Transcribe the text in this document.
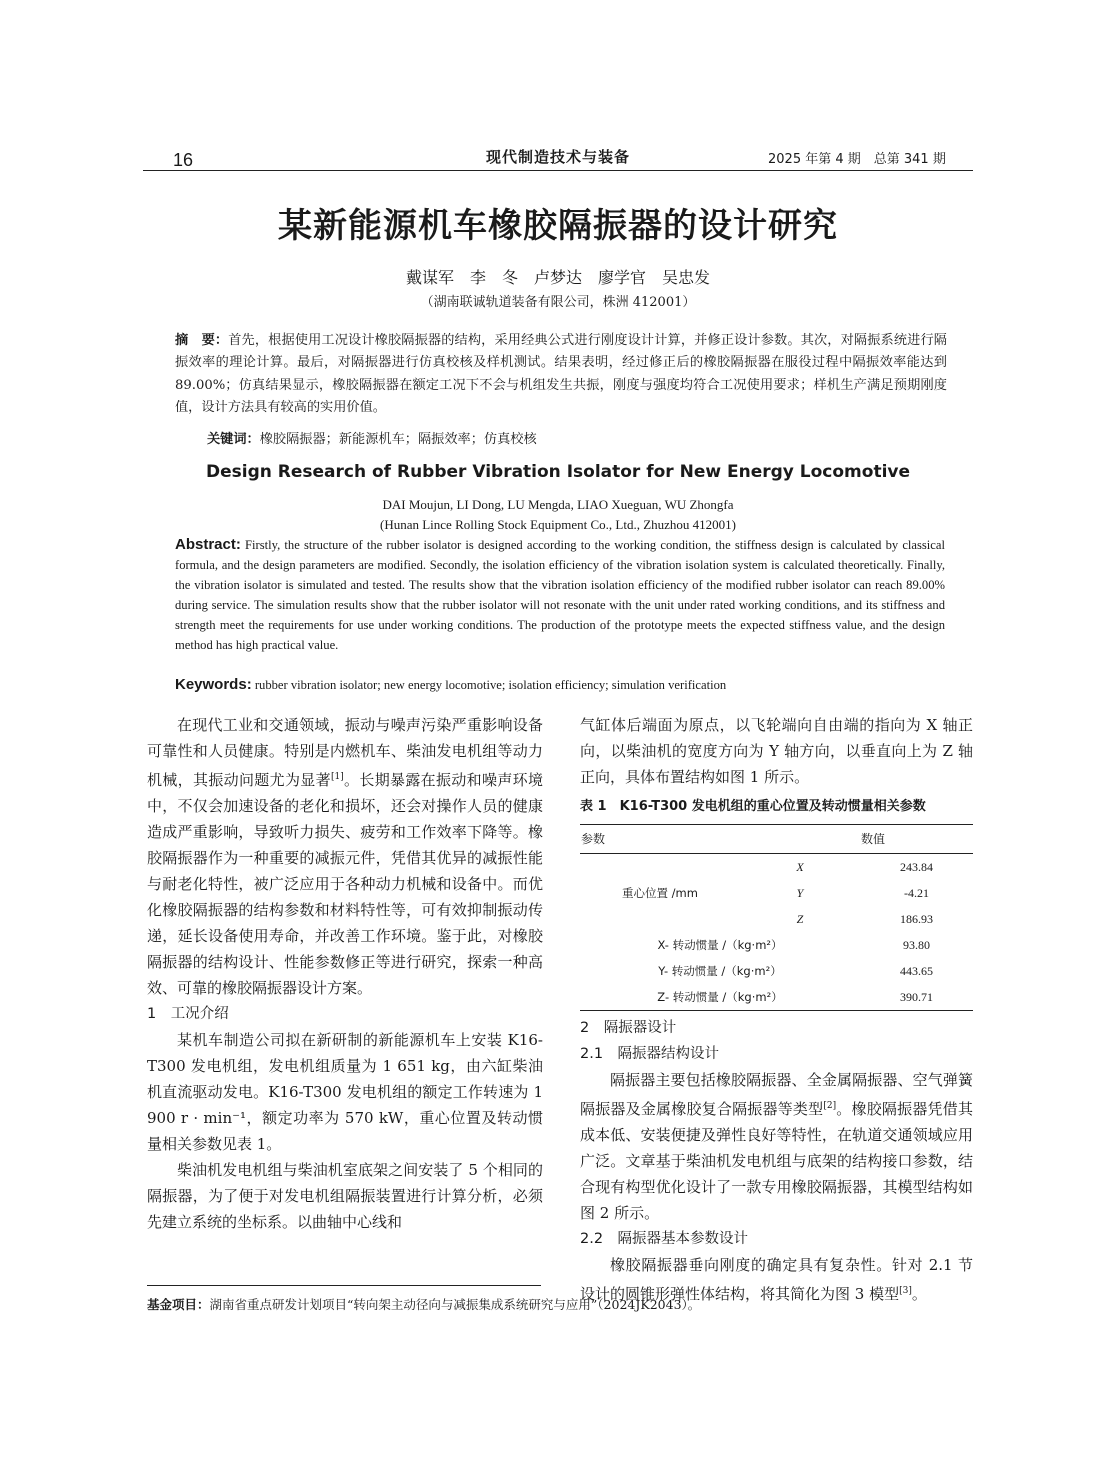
16	现代制造技术与装备	2025 年第 4 期　总第 341 期
某新能源机车橡胶隔振器的设计研究
戴谋军　李　冬　卢梦达　廖学官　吴忠发
（湖南联诚轨道装备有限公司，株洲 412001）
摘　要：首先，根据使用工况设计橡胶隔振器的结构，采用经典公式进行刚度设计计算，并修正设计参数。其次，对隔振系统进行隔振效率的理论计算。最后，对隔振器进行仿真校核及样机测试。结果表明，经过修正后的橡胶隔振器在服役过程中隔振效率能达到 89.00%；仿真结果显示，橡胶隔振器在额定工况下不会与机组发生共振，刚度与强度均符合工况使用要求；样机生产满足预期刚度值，设计方法具有较高的实用价值。
关键词：橡胶隔振器；新能源机车；隔振效率；仿真校核
Design Research of Rubber Vibration Isolator for New Energy Locomotive
DAI Moujun, LI Dong, LU Mengda, LIAO Xueguan, WU Zhongfa
(Hunan Lince Rolling Stock Equipment Co., Ltd., Zhuzhou 412001)
Abstract: Firstly, the structure of the rubber isolator is designed according to the working condition, the stiffness design is calculated by classical formula, and the design parameters are modified. Secondly, the isolation efficiency of the vibration isolation system is calculated theoretically. Finally, the vibration isolator is simulated and tested. The results show that the vibration isolation efficiency of the modified rubber isolator can reach 89.00% during service. The simulation results show that the rubber isolator will not resonate with the unit under rated working conditions, and its stiffness and strength meet the requirements for use under working conditions. The production of the prototype meets the expected stiffness value, and the design method has high practical value.
Keywords: rubber vibration isolator; new energy locomotive; isolation efficiency; simulation verification

在现代工业和交通领域，振动与噪声污染严重影响设备可靠性和人员健康。特别是内燃机车、柴油发电机组等动力机械，其振动问题尤为显著[1]。长期暴露在振动和噪声环境中，不仅会加速设备的老化和损坏，还会对操作人员的健康造成严重影响，导致听力损失、疲劳和工作效率下降等。橡胶隔振器作为一种重要的减振元件，凭借其优异的减振性能与耐老化特性，被广泛应用于各种动力机械和设备中。而优化橡胶隔振器的结构参数和材料特性等，可有效抑制振动传递，延长设备使用寿命，并改善工作环境。鉴于此，对橡胶隔振器的结构设计、性能参数修正等进行研究，探索一种高效、可靠的橡胶隔振器设计方案。

1　工况介绍

某机车制造公司拟在新研制的新能源机车上安装 K16-T300 发电机组，发电机组质量为 1 651 kg，由六缸柴油机直流驱动发电。K16-T300 发电机组的额定工作转速为 1 900 r · min⁻¹，额定功率为 570 kW，重心位置及转动惯量相关参数见表 1。

柴油机发电机组与柴油机室底架之间安装了 5 个相同的隔振器，为了便于对发电机组隔振装置进行计算分析，必须先建立系统的坐标系。以曲轴中心线和

气缸体后端面为原点，以飞轮端向自由端的指向为 X 轴正向，以柴油机的宽度方向为 Y 轴方向，以垂直向上为 Z 轴正向，具体布置结构如图 1 所示。

表 1　K16-T300 发电机组的重心位置及转动惯量相关参数
参数		数值
重心位置 /mm	X	243.84
	Y	-4.21
	Z	186.93
X- 转动惯量 /（kg·m²）		93.80
Y- 转动惯量 /（kg·m²）		443.65
Z- 转动惯量 /（kg·m²）		390.71
2　隔振器设计
2.1　隔振器结构设计

隔振器主要包括橡胶隔振器、全金属隔振器、空气弹簧隔振器及金属橡胶复合隔振器等类型[2]。橡胶隔振器凭借其成本低、安装便捷及弹性良好等特性，在轨道交通领域应用广泛。文章基于柴油机发电机组与底架的结构接口参数，结合现有构型优化设计了一款专用橡胶隔振器，其模型结构如图 2 所示。

2.2　隔振器基本参数设计

橡胶隔振器垂向刚度的确定具有复杂性。针对 2.1 节设计的圆锥形弹性体结构，将其简化为图 3 模型[3]。

基金项目：湖南省重点研发计划项目“转向架主动径向与减振集成系统研究与应用”（2024JK2043）。
